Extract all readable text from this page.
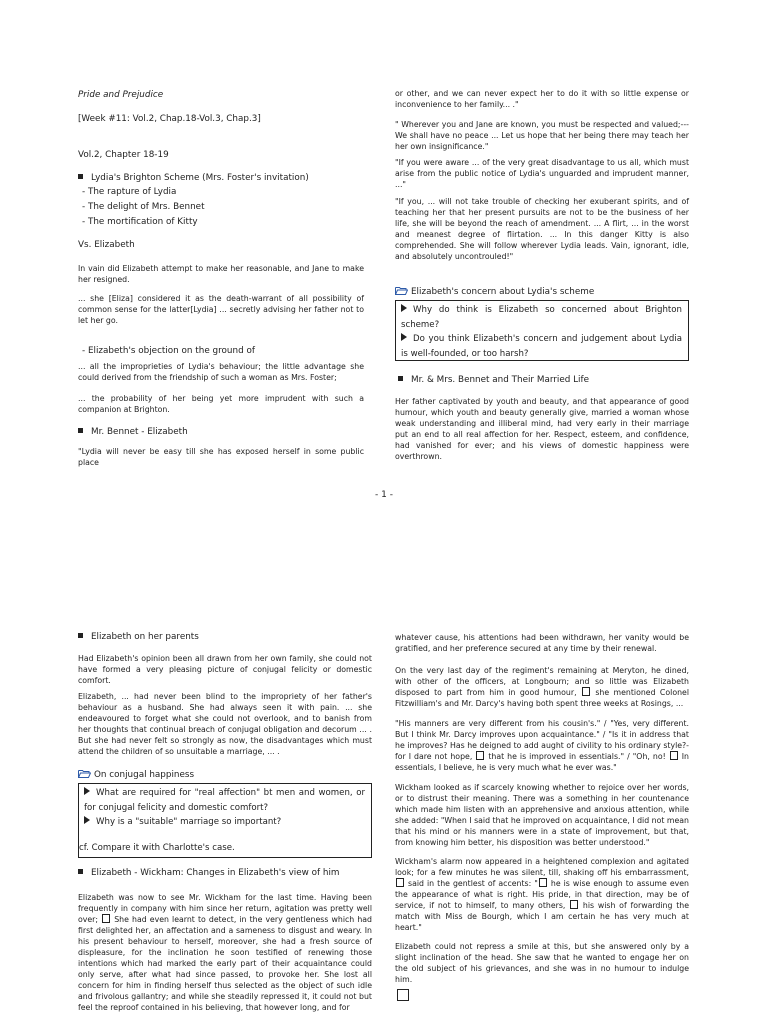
Pride and Prejudice
[Week #11: Vol.2, Chap.18-Vol.3, Chap.3]
Vol.2, Chapter 18-19
Lydia's Brighton Scheme (Mrs. Foster's invitation)
- The rapture of Lydia
- The delight of Mrs. Bennet
- The mortification of Kitty
Vs. Elizabeth
In vain did Elizabeth attempt to make her reasonable, and Jane to make her resigned.
... she [Eliza] considered it as the death-warrant of all possibility of common sense for the latter[Lydia] ... secretly advising her father not to let her go.
- Elizabeth's objection on the ground of
... all the improprieties of Lydia's behaviour; the little advantage she could derived from the friendship of such a woman as Mrs. Foster;
... the probability of her being yet more imprudent with such a companion at Brighton.
Mr. Bennet - Elizabeth
"Lydia will never be easy till she has exposed herself in some public place
or other, and we can never expect her to do it with so little expense or inconvenience to her family... ."
" Wherever you and Jane are known, you must be respected and valued;--- We shall have no peace ... Let us hope that her being there may teach her her own insignificance."
"If you were aware ... of the very great disadvantage to us all, which must arise from the public notice of Lydia's unguarded and imprudent manner, ..."
"If you, ... will not take trouble of checking her exuberant spirits, and of teaching her that her present pursuits are not to be the business of her life, she will be beyond the reach of amendment. ... A flirt, ... in the worst and meanest degree of flirtation. ... In this danger Kitty is also comprehended. She will follow wherever Lydia leads. Vain, ignorant, idle, and absolutely uncontrouled!"
Elizabeth's concern about Lydia's scheme
Why do think is Elizabeth so concerned about Brighton scheme?
Do you think Elizabeth's concern and judgement about Lydia is well-founded, or too harsh?
Mr. & Mrs. Bennet and Their Married Life
Her father captivated by youth and beauty, and that appearance of good humour, which youth and beauty generally give, married a woman whose weak understanding and illiberal mind, had very early in their marriage put an end to all real affection for her. Respect, esteem, and confidence, had vanished for ever; and his views of domestic happiness were overthrown.
- 1 -
Elizabeth on her parents
Had Elizabeth's opinion been all drawn from her own family, she could not have formed a very pleasing picture of conjugal felicity or domestic comfort.
Elizabeth, ... had never been blind to the impropriety of her father's behaviour as a husband. She had always seen it with pain. ... she endeavoured to forget what she could not overlook, and to banish from her thoughts that continual breach of conjugal obligation and decorum ... . But she had never felt so strongly as now, the disadvantages which must attend the children of so unsuitable a marriage, ... .
On conjugal happiness
What are required for "real affection" bt men and women, or for conjugal felicity and domestic comfort?
Why is a "suitable" marriage so important?
cf. Compare it with Charlotte's case.
Elizabeth - Wickham: Changes in Elizabeth's view of him
Elizabeth was now to see Mr. Wickham for the last time. Having been frequently in company with him since her return, agitation was pretty well over;  She had even learnt to detect, in the very gentleness which had first delighted her, an affectation and a sameness to disgust and weary. In his present behaviour to herself, moreover, she had a fresh source of displeasure, for the inclination he soon testified of renewing those intentions which had marked the early part of their acquaintance could only serve, after what had since passed, to provoke her. She lost all concern for him in finding herself thus selected as the object of such idle and frivolous gallantry; and while she steadily repressed it, it could not but feel the reproof contained in his believing, that however long, and for
whatever cause, his attentions had been withdrawn, her vanity would be gratified, and her preference secured at any time by their renewal.
On the very last day of the regiment's remaining at Meryton, he dined, with other of the officers, at Longbourn; and so little was Elizabeth disposed to part from him in good humour,  she mentioned Colonel Fitzwilliam's and Mr. Darcy's having both spent three weeks at Rosings, ...
"His manners are very different from his cousin's." / "Yes, very different. But I think Mr. Darcy improves upon acquaintance." / "Is it in address that he improves? Has he deigned to add aught of civility to his ordinary style?-for I dare not hope,  that he is improved in essentials." / "Oh, no!  In essentials, I believe, he is very much what he ever was."
Wickham looked as if scarcely knowing whether to rejoice over her words, or to distrust their meaning. There was a something in her countenance which made him listen with an apprehensive and anxious attention, while she added: "When I said that he improved on acquaintance, I did not mean that his mind or his manners were in a state of improvement, but that, from knowing him better, his disposition was better understood."
Wickham's alarm now appeared in a heightened complexion and agitated look; for a few minutes he was silent, till, shaking off his embarrassment,  said in the gentlest of accents: " he is wise enough to assume even the appearance of what is right. His pride, in that direction, may be of service, if not to himself, to many others,  his wish of forwarding the match with Miss de Bourgh, which I am certain he has very much at heart."
Elizabeth could not repress a smile at this, but she answered only by a slight inclination of the head. She saw that he wanted to engage her on the old subject of his grievances, and she was in no humour to indulge him.
